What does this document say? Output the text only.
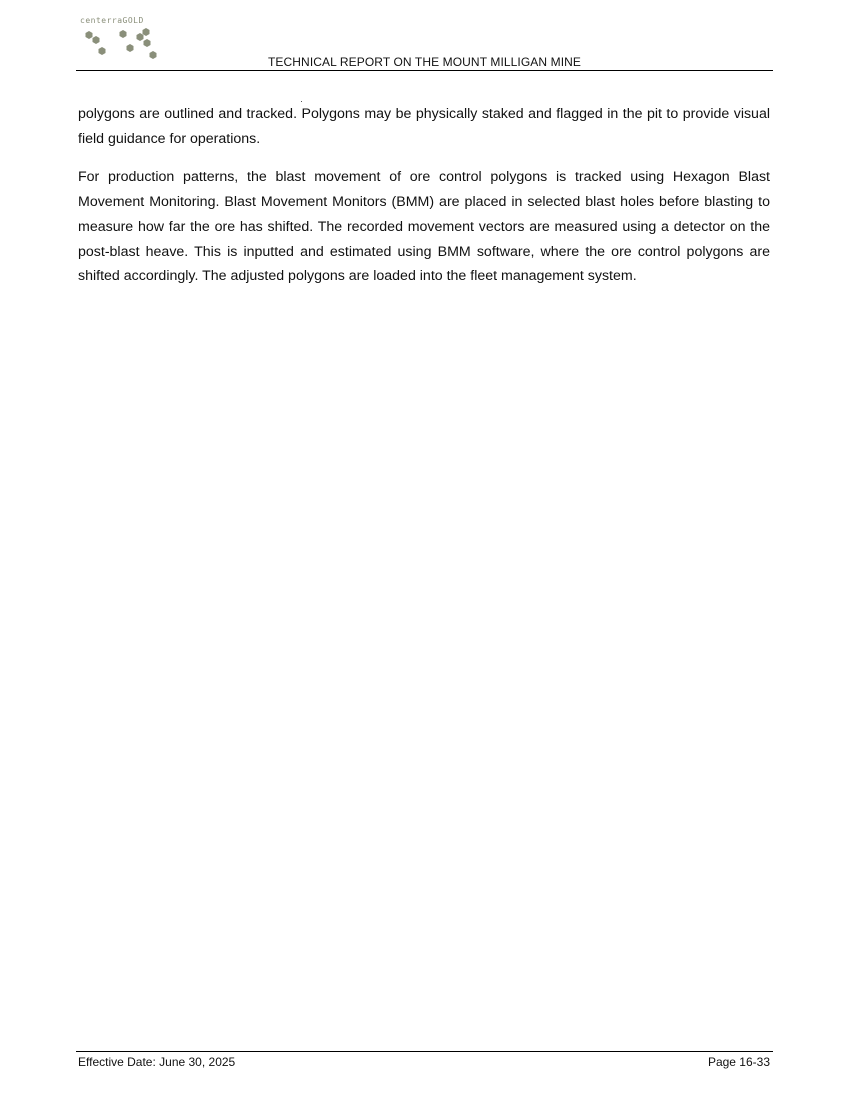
centerraGOLD
TECHNICAL REPORT ON THE MOUNT MILLIGAN MINE

polygons are outlined and tracked. Polygons may be physically staked and flagged in the pit to provide visual field guidance for operations.

For production patterns, the blast movement of ore control polygons is tracked using Hexagon Blast Movement Monitoring. Blast Movement Monitors (BMM) are placed in selected blast holes before blasting to measure how far the ore has shifted. The recorded movement vectors are measured using a detector on the post-blast heave. This is inputted and estimated using BMM software, where the ore control polygons are shifted accordingly. The adjusted polygons are loaded into the fleet management system.

Effective Date: June 30, 2025	Page 16-33
